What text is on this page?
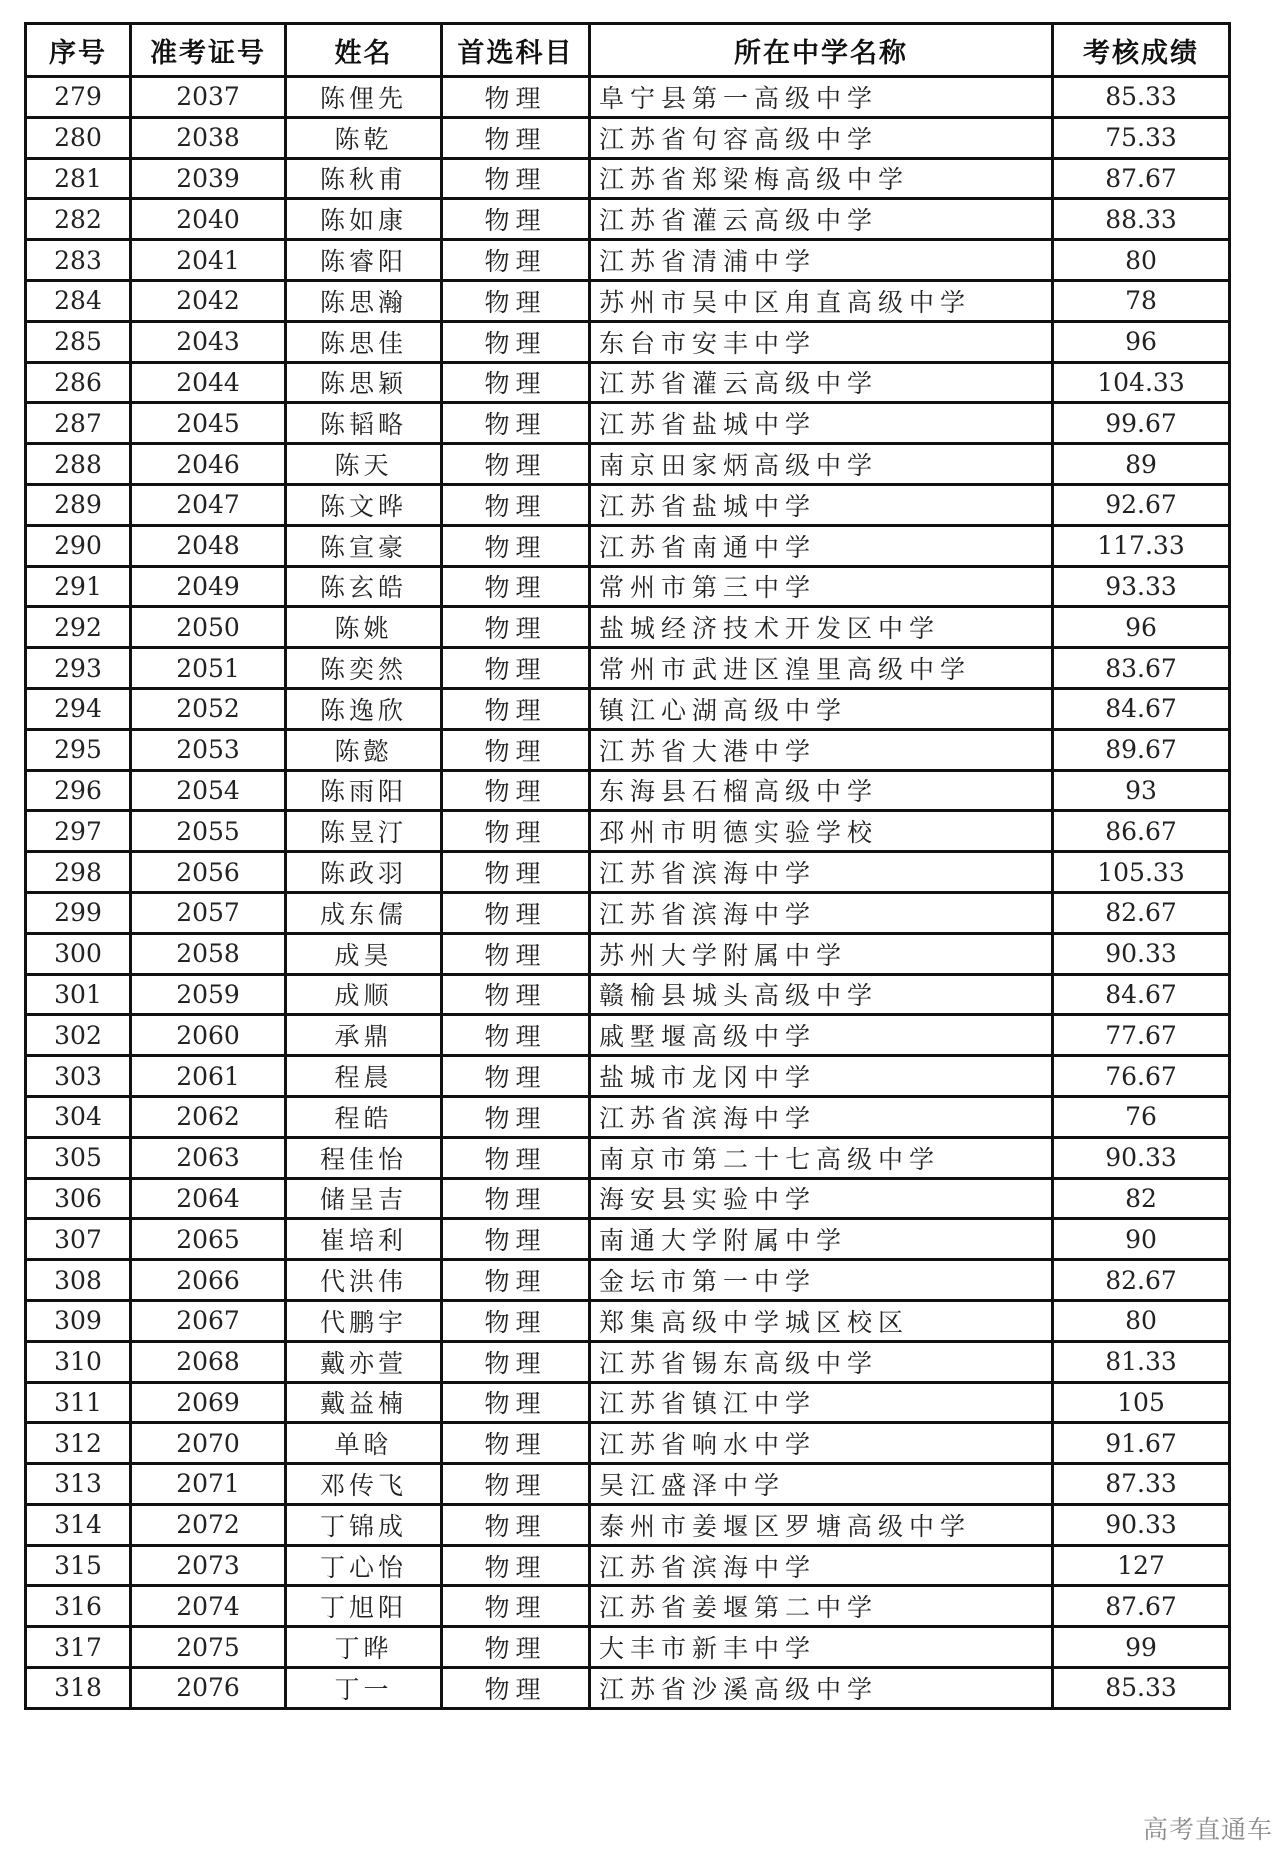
序号	准考证号	姓名	首选科目	所在中学名称	考核成绩
279	2037	陈俚先	物理	阜宁县第一高级中学	85.33
280	2038	陈乾	物理	江苏省句容高级中学	75.33
281	2039	陈秋甫	物理	江苏省郑梁梅高级中学	87.67
282	2040	陈如康	物理	江苏省灌云高级中学	88.33
283	2041	陈睿阳	物理	江苏省清浦中学	80
284	2042	陈思瀚	物理	苏州市吴中区甪直高级中学	78
285	2043	陈思佳	物理	东台市安丰中学	96
286	2044	陈思颖	物理	江苏省灌云高级中学	104.33
287	2045	陈韬略	物理	江苏省盐城中学	99.67
288	2046	陈天	物理	南京田家炳高级中学	89
289	2047	陈文晔	物理	江苏省盐城中学	92.67
290	2048	陈宣豪	物理	江苏省南通中学	117.33
291	2049	陈玄皓	物理	常州市第三中学	93.33
292	2050	陈姚	物理	盐城经济技术开发区中学	96
293	2051	陈奕然	物理	常州市武进区湟里高级中学	83.67
294	2052	陈逸欣	物理	镇江心湖高级中学	84.67
295	2053	陈懿	物理	江苏省大港中学	89.67
296	2054	陈雨阳	物理	东海县石榴高级中学	93
297	2055	陈昱汀	物理	邳州市明德实验学校	86.67
298	2056	陈政羽	物理	江苏省滨海中学	105.33
299	2057	成东儒	物理	江苏省滨海中学	82.67
300	2058	成昊	物理	苏州大学附属中学	90.33
301	2059	成顺	物理	赣榆县城头高级中学	84.67
302	2060	承鼎	物理	戚墅堰高级中学	77.67
303	2061	程晨	物理	盐城市龙冈中学	76.67
304	2062	程皓	物理	江苏省滨海中学	76
305	2063	程佳怡	物理	南京市第二十七高级中学	90.33
306	2064	储呈吉	物理	海安县实验中学	82
307	2065	崔培利	物理	南通大学附属中学	90
308	2066	代洪伟	物理	金坛市第一中学	82.67
309	2067	代鹏宇	物理	郑集高级中学城区校区	80
310	2068	戴亦萱	物理	江苏省锡东高级中学	81.33
311	2069	戴益楠	物理	江苏省镇江中学	105
312	2070	单晗	物理	江苏省响水中学	91.67
313	2071	邓传飞	物理	吴江盛泽中学	87.33
314	2072	丁锦成	物理	泰州市姜堰区罗塘高级中学	90.33
315	2073	丁心怡	物理	江苏省滨海中学	127
316	2074	丁旭阳	物理	江苏省姜堰第二中学	87.67
317	2075	丁晔	物理	大丰市新丰中学	99
318	2076	丁一	物理	江苏省沙溪高级中学	85.33
高考直通车
